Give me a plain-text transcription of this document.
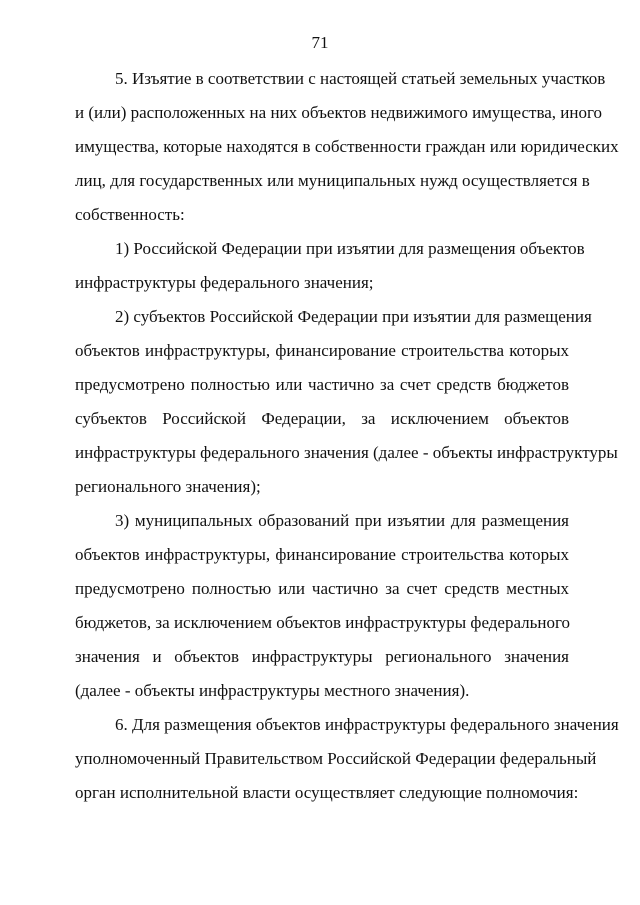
71
5. Изъятие в соответствии с настоящей статьей земельных участков
и (или) расположенных на них объектов недвижимого имущества, иного
имущества, которые находятся в собственности граждан или юридических
лиц, для государственных или муниципальных нужд осуществляется в
собственность:
1) Российской Федерации при изъятии для размещения объектов
инфраструктуры федерального значения;
2) субъектов Российской Федерации при изъятии для размещения
объектов инфраструктуры, финансирование строительства которых
предусмотрено полностью или частично за счет средств бюджетов
субъектов Российской Федерации, за исключением объектов
инфраструктуры федерального значения (далее - объекты инфраструктуры
регионального значения);
3) муниципальных образований при изъятии для размещения
объектов инфраструктуры, финансирование строительства которых
предусмотрено полностью или частично за счет средств местных
бюджетов, за исключением объектов инфраструктуры федерального
значения и объектов инфраструктуры регионального значения
(далее - объекты инфраструктуры местного значения).
6. Для размещения объектов инфраструктуры федерального значения
уполномоченный Правительством Российской Федерации федеральный
орган исполнительной власти осуществляет следующие полномочия:
